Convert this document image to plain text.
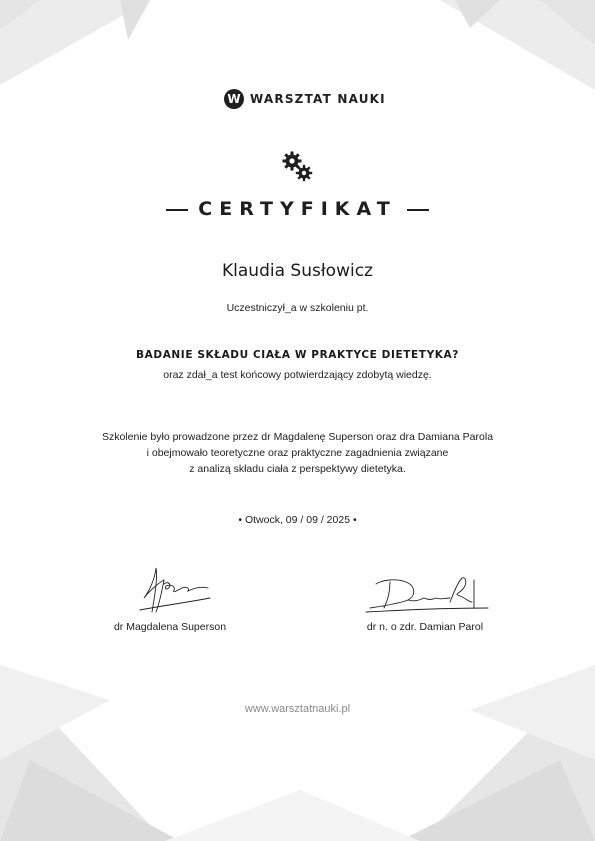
W WARSZTAT NAUKI
CERTYFIKAT
Klaudia Susłowicz
Uczestniczył_a w szkoleniu pt.
BADANIE SKŁADU CIAŁA W PRAKTYCE DIETETYKA?
oraz zdał_a test końcowy potwierdzający zdobytą wiedzę.
Szkolenie było prowadzone przez dr Magdalenę Superson oraz dra Damiana Parola
i obejmowało teoretyczne oraz praktyczne zagadnienia związane
z analizą składu ciała z perspektywy dietetyka.
• Otwock, 09 / 09 / 2025 •
dr Magdalena Superson	dr n. o zdr. Damian Parol
www.warsztatnauki.pl
